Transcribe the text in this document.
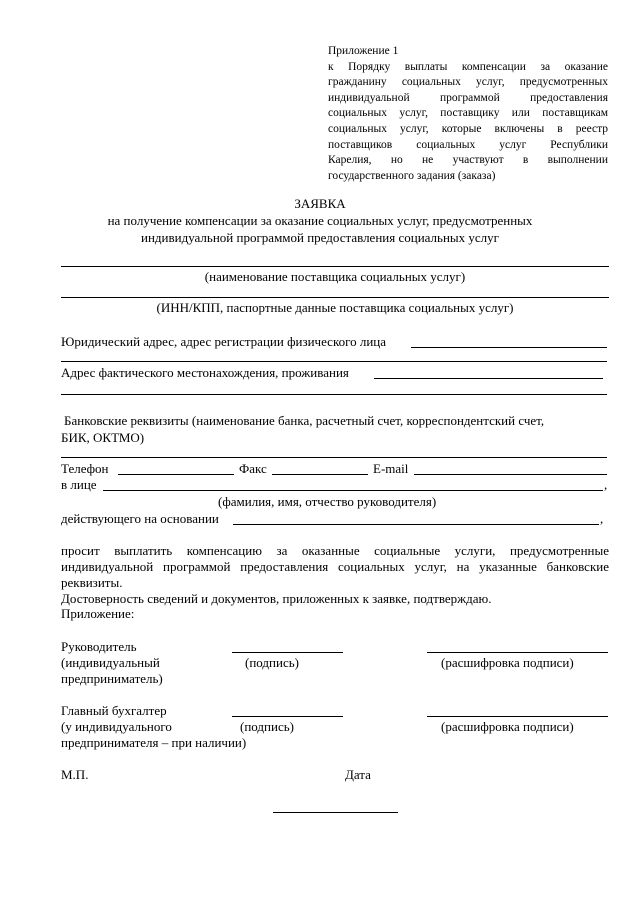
Приложение 1
к Порядку выплаты компенсации за оказание
гражданину социальных услуг, предусмотренных
индивидуальной программой предоставления
социальных услуг, поставщику или поставщикам
социальных услуг, которые включены в реестр
поставщиков социальных услуг Республики
Карелия, но не участвуют в выполнении
государственного задания (заказа)
ЗАЯВКА
на получение компенсации за оказание социальных услуг, предусмотренных
индивидуальной программой предоставления социальных услуг
(наименование поставщика социальных услуг)
(ИНН/КПП, паспортные данные поставщика социальных услуг)
Юридический адрес, адрес регистрации физического лица
Адрес фактического местонахождения, проживания
Банковские реквизиты (наименование банка, расчетный счет, корреспондентский счет,
БИК, ОКТМО)
Телефон	Факс	E-mail
в лице	,
(фамилия, имя, отчество руководителя)
действующего на основании	,
просит выплатить компенсацию за оказанные социальные услуги, предусмотренные
индивидуальной программой предоставления социальных услуг, на указанные банковские
реквизиты.
Достоверность сведений и документов, приложенных к заявке, подтверждаю.
Приложение:
Руководитель
(индивидуальный
предприниматель)
(подпись)	(расшифровка подписи)
Главный бухгалтер
(у индивидуального
предпринимателя – при наличии)
(подпись)	(расшифровка подписи)
М.П.	Дата
